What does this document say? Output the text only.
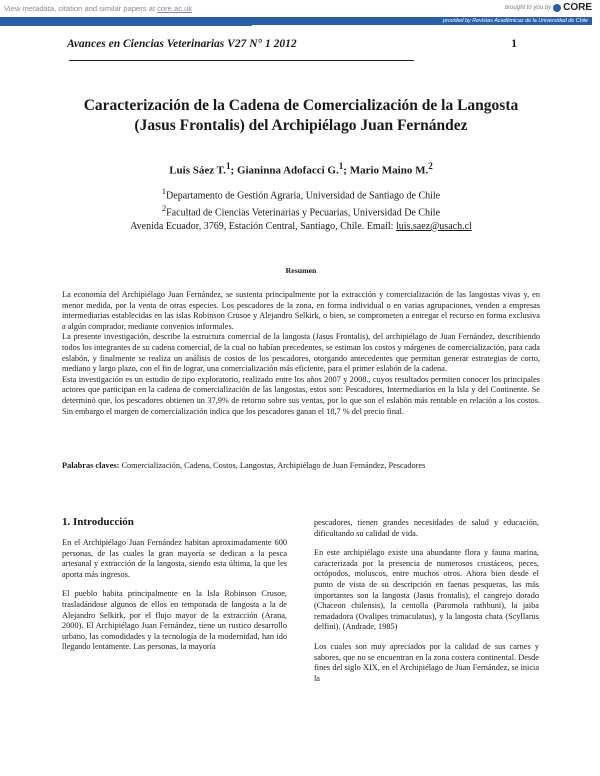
View metadata, citation and similar papers at core.ac.uk	brought to you by CORE
provided by Revistas Académicas de la Universidad de Chile
Avances en Ciencias Veterinarias V27 N° 1 2012	1
Caracterización de la Cadena de Comercialización de la Langosta
(Jasus Frontalis) del Archipiélago Juan Fernández
Luis Sáez T.$^1$; Gianinna Adofacci G.$^1$; Mario Maino M.$^2$
$^1$Departamento de Gestión Agraria, Universidad de Santiago de Chile
$^2$Facultad de Ciencias Veterinarias y Pecuarias, Universidad De Chile
Avenida Ecuador, 3769, Estación Central, Santiago, Chile. Email: luis.saez@usach.cl
Resumen

La economía del Archipiélago Juan Fernández, se sustenta principalmente por la extracción y comercialización de las langostas vivas y, en menor medida, por la venta de otras especies. Los pescadores de la zona, en forma individual o en varias agrupaciones, venden a empresas intermediarias establecidas en las islas Robinson Crusoe y Alejandro Selkirk, o bien, se comprometen a entregar el recurso en forma exclusiva a algún comprador, mediante convenios informales.

La presente investigación, describe la estructura comercial de la langosta (Jasus Frontalis), del archipiélago de Juan Fernández, describiendo todos los integrantes de su cadena comercial, de la cual no habían precedentes, se estiman los costos y márgenes de comercialización, para cada eslabón, y finalmente se realiza un análisis de costos de los pescadores, otorgando antecedentes que permitan generar estrategias de corto, mediano y largo plazo, con el fin de lograr, una comercialización más eficiente, para el primer eslabón de la cadena.

Esta investigación es un estudio de tipo exploratorio, realizado entre los años 2007 y 2008., cuyos resultados permiten conocer los principales actores que participan en la cadena de comercialización de las langostas, estos son: Pescadores, Intermediarios en la Isla y del Continente. Se determinó que, los pescadores obtienen un 37,9% de retorno sobre sus ventas, por lo que son el eslabón más rentable en relación a los costos. Sin embargo el margen de comercialización indica que los pescadores ganan el 18,7 % del precio final.

Palabras claves: Comercialización, Cadena, Costos, Langostas, Archipiélago de Juan Fernández, Pescadores
1. Introducción

En el Archipiélago Juan Fernández habitan aproximadamente 600 personas, de las cuales la gran mayoría se dedican a la pesca artesanal y extracción de la langosta, siendo esta última, la que les aporta más ingresos.

El pueblo habita principalmente en la Isla Robinson Crusoe, trasladándose algunos de ellos en temporada de langosta a la de Alejandro Selkirk, por el flujo mayor de la extracción (Arana, 2000). El Archipiélago Juan Fernández, tiene un rustico desarrollo urbano, las comodidades y la tecnología de la modernidad, han ido llegando lentamente. Las personas, la mayoría

pescadores, tienen grandes necesidades de salud y educación, dificultando su calidad de vida.

En este archipiélago existe una abundante flora y fauna marina, caracterizada por la presencia de numerosos crustáceos, peces, octópodos, moluscos, entre muchos otros. Ahora bien desde el punto de vista de su descripción en faenas pesqueras, las más importantes son la langosta (Jasus frontalis), el cangrejo dorado (Chaceon chilensis), la centolla (Paromola rathbuni), la jaiba remadadora (Ovalipes trimaculatus), y la langosta chata (Scyllarus delfini). (Andrade, 1985)

Los cuales son muy apreciados por la calidad de sus carnes y sabores, que no se encuentran en la zona costera continental. Desde fines del siglo XIX, en el Archipiélago de Juan Fernández, se inicia la
